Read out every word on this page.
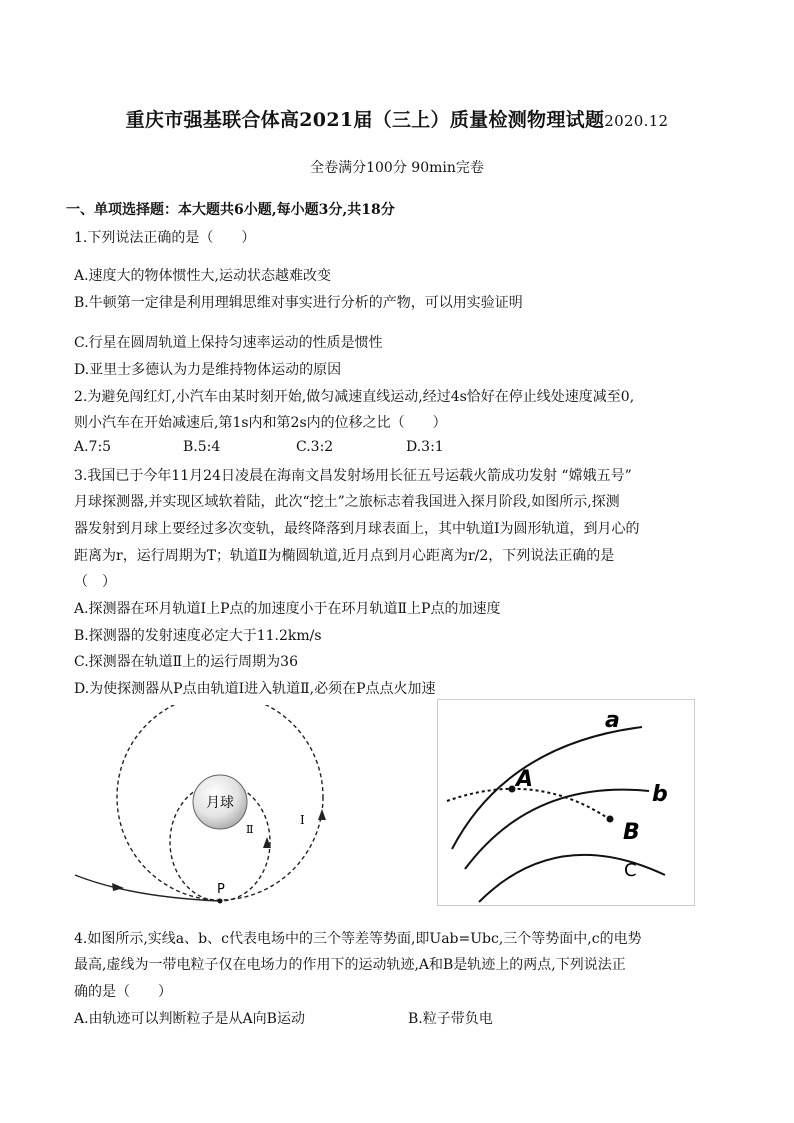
重庆市强基联合体高2021届（三上）质量检测物理试题2020.12
全卷满分100分 90min完卷
一、单项选择题：本大题共6小题,每小题3分,共18分
1.下列说法正确的是（　　）
A.速度大的物体惯性大,运动状态越难改变
B.牛顿第一定律是利用理辑思维对事实进行分析的产物，可以用实验证明
C.行星在圆周轨道上保持匀速率运动的性质是惯性
D.亚里士多德认为力是维持物体运动的原因
2.为避免闯红灯,小汽车由某时刻开始,做匀减速直线运动,经过4s恰好在停止线处速度减至0,
则小汽车在开始减速后,第1s内和第2s内的位移之比（　　）
A.7:5	B.5:4	C.3:2	D.3:1
3.我国已于今年11月24日凌晨在海南文昌发射场用长征五号运载火箭成功发射 “嫦娥五号”
月球探测器,并实现区域软着陆，此次“挖土”之旅标志着我国进入探月阶段,如图所示,探测
器发射到月球上要经过多次变轨，最终降落到月球表面上，其中轨道Ⅰ为圆形轨道，到月心的
距离为r，运行周期为T；轨道Ⅱ为椭圆轨道,近月点到月心距离为r/2，下列说法正确的是
（　）
A.探测器在环月轨道Ⅰ上P点的加速度小于在环月轨道Ⅱ上P点的加速度
B.探测器的发射速度必定大于11.2km/s
C.探测器在轨道Ⅱ上的运行周期为36
D.为使探测器从P点由轨道Ⅰ进入轨道Ⅱ,必须在P点点火加速
月球
P
Ⅰ
Ⅱ
A
B
a
b
C
4.如图所示,实线a、b、c代表电场中的三个等差等势面,即Uab=Ubc,三个等势面中,c的电势
最高,虚线为一带电粒子仅在电场力的作用下的运动轨迹,A和B是轨迹上的两点,下列说法正
确的是（　　）
A.由轨迹可以判断粒子是从A向B运动	B.粒子带负电
